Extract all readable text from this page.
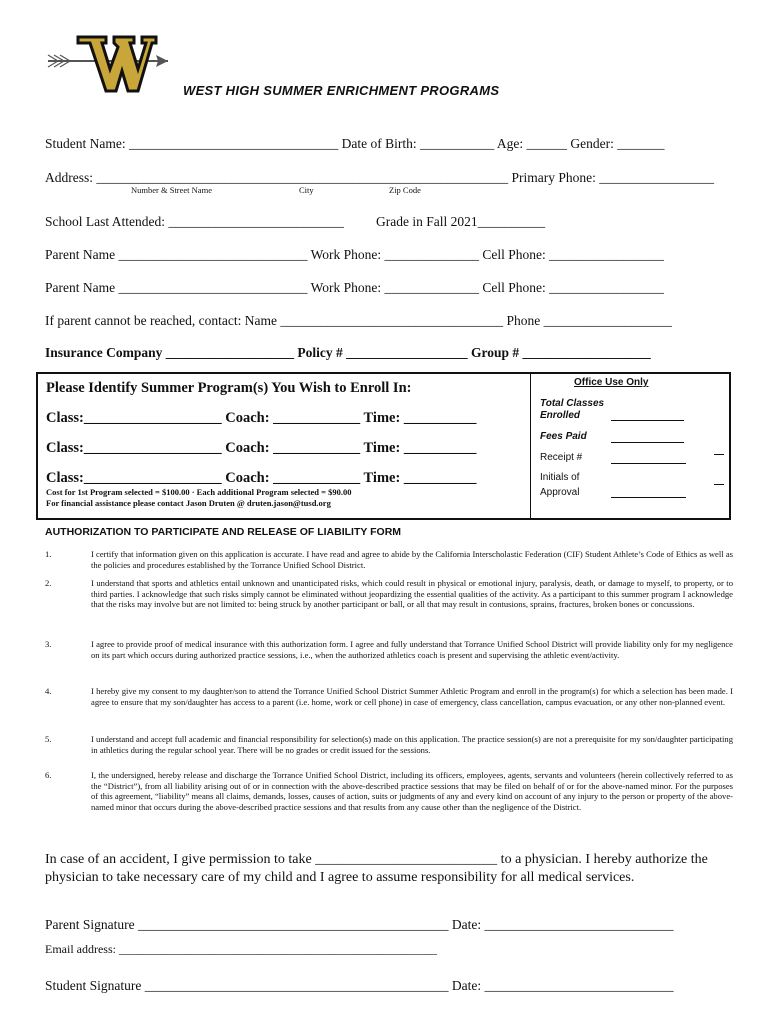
WEST HIGH SUMMER ENRICHMENT PROGRAMS
Student Name: _______________________________ Date of Birth: ___________ Age: ______ Gender: _______
Address: _____________________________________________________________ Primary Phone: _________________
Number & Street Name	City	Zip Code
School Last Attended: __________________________ Grade in Fall 2021__________
Parent Name ____________________________ Work Phone: ______________ Cell Phone: _________________
Parent Name ____________________________ Work Phone: ______________ Cell Phone: _________________
If parent cannot be reached, contact: Name _________________________________ Phone ___________________
Insurance Company ___________________ Policy # __________________ Group # ___________________
Please Identify Summer Program(s) You Wish to Enroll In:
Class:___________________ Coach: ____________ Time: __________
Class:___________________ Coach: ____________ Time: __________
Class:___________________ Coach: ____________ Time: __________
Cost for 1st Program selected = $100.00 · Each additional Program selected = $90.00
For financial assistance please contact Jason Druten @ druten.jason@tusd.org
Office Use Only
Total Classes
Enrolled
Fees Paid
Receipt #
Initials of
Approval
AUTHORIZATION TO PARTICIPATE AND RELEASE OF LIABILITY FORM
1.	I certify that information given on this application is accurate. I have read and agree to abide by the California Interscholastic Federation (CIF) Student Athlete’s Code of Ethics as well as the policies and procedures established by the Torrance Unified School District.
2.	I understand that sports and athletics entail unknown and unanticipated risks, which could result in physical or emotional injury, paralysis, death, or damage to myself, to property, or to third parties. I acknowledge that such risks simply cannot be eliminated without jeopardizing the essential qualities of the activity. As a participant to this summer program I acknowledge that the risks may involve but are not limited to: being struck by another participant or ball, or all that may result in contusions, sprains, fractures, broken bones or concussions.
3.	I agree to provide proof of medical insurance with this authorization form. I agree and fully understand that Torrance Unified School District will provide liability only for my negligence on its part which occurs during authorized practice sessions, i.e., when the authorized athletics coach is present and supervising the athletic event/activity.
4.	I hereby give my consent to my daughter/son to attend the Torrance Unified School District Summer Athletic Program and enroll in the program(s) for which a selection has been made. I agree to ensure that my son/daughter has access to a parent (i.e. home, work or cell phone) in case of emergency, class cancellation, campus evacuation, or any other non-planned event.
5.	I understand and accept full academic and financial responsibility for selection(s) made on this application. The practice session(s) are not a prerequisite for my son/daughter participating in athletics during the regular school year. There will be no grades or credit issued for the sessions.
6.	I, the undersigned, hereby release and discharge the Torrance Unified School District, including its officers, employees, agents, servants and volunteers (herein collectively referred to as the “District”), from all liability arising out of or in connection with the above-described practice sessions that may be filed on behalf of or for the above-named minor. For the purposes of this agreement, “liability” means all claims, demands, losses, causes of action, suits or judgments of any and every kind on account of any injury to the person or property of the above-named minor that occurs during the above-described practice sessions and that results from any cause other than the negligence of the District.
In case of an accident, I give permission to take __________________________ to a physician. I hereby authorize the
physician to take necessary care of my child and I agree to assume responsibility for all medical services.
Parent Signature ______________________________________________ Date: ____________________________
Email address: _____________________________________________________
Student Signature _____________________________________________ Date: ____________________________
